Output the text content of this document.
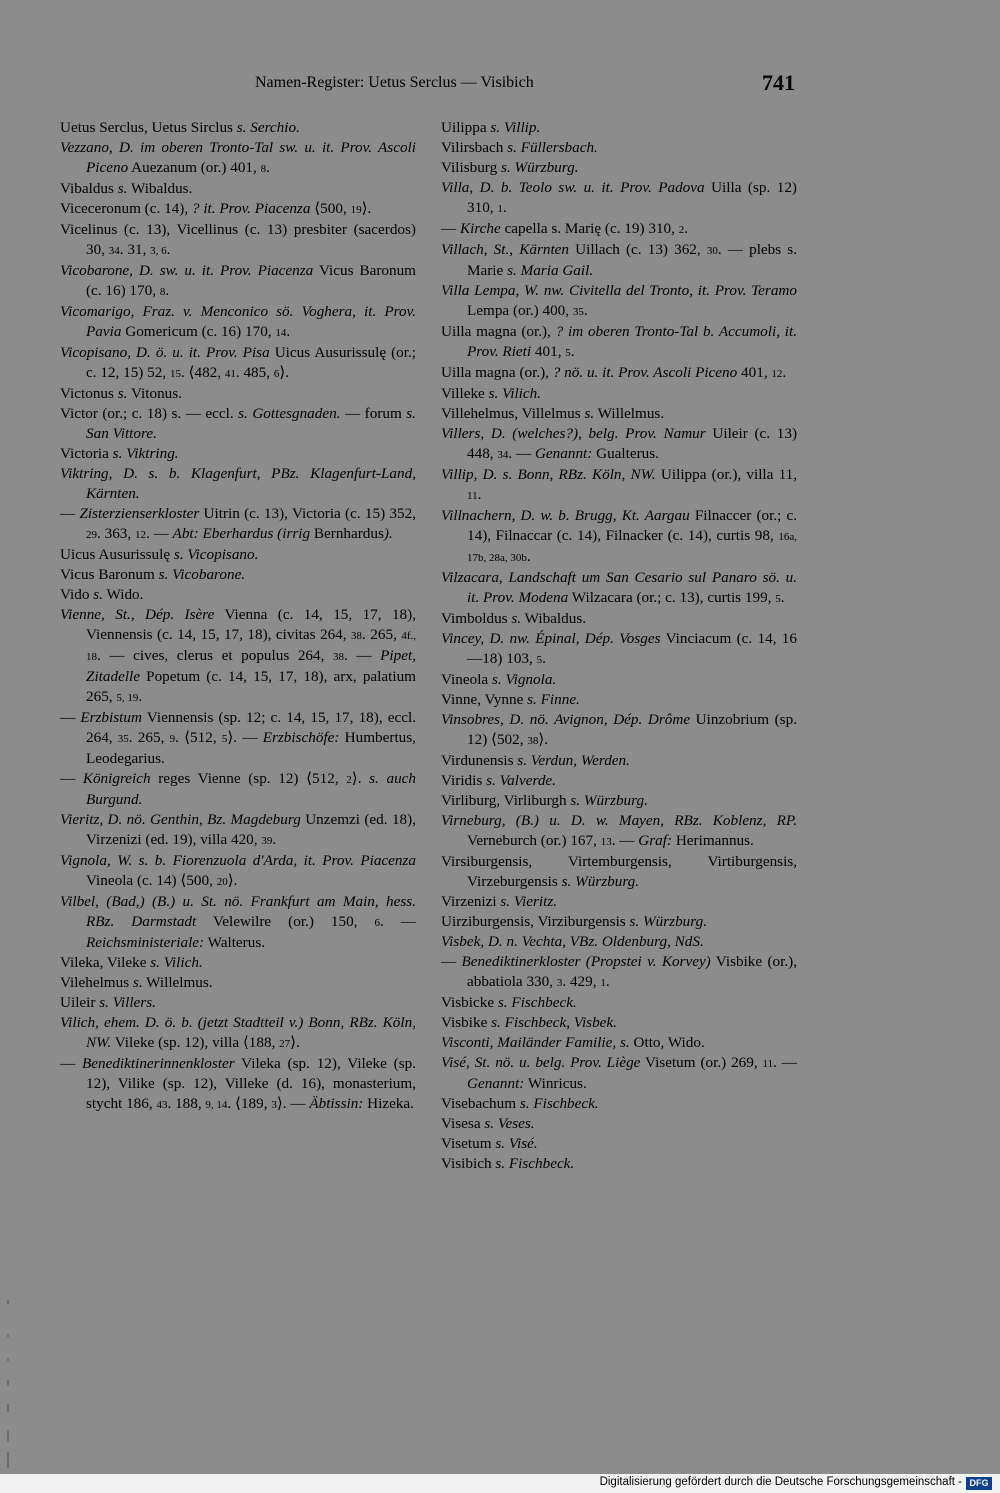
Namen-Register: Uetus Serclus — Visibich	741

Uetus Serclus, Uetus Sirclus s. Serchio.

Vezzano, D. im oberen Tronto-Tal sw. u. it. Prov. Ascoli Piceno Auezanum (or.) 401, 8.

Vibaldus s. Wibaldus.

Viceceronum (c. 14), ? it. Prov. Piacenza ⟨500, 19⟩.

Vicelinus (c. 13), Vicellinus (c. 13) presbiter (sacerdos) 30, 34. 31, 3, 6.

Vicobarone, D. sw. u. it. Prov. Piacenza Vicus Baronum (c. 16) 170, 8.

Vicomarigo, Fraz. v. Menconico sö. Voghera, it. Prov. Pavia Gomericum (c. 16) 170, 14.

Vicopisano, D. ö. u. it. Prov. Pisa Uicus Ausurissulę (or.; c. 12, 15) 52, 15. ⟨482, 41. 485, 6⟩.

Victonus s. Vitonus.

Victor (or.; c. 18) s. — eccl. s. Gottesgnaden. — forum s. San Vittore.

Victoria s. Viktring.

Viktring, D. s. b. Klagenfurt, PBz. Klagenfurt-Land, Kärnten.

— Zisterzienserkloster Uitrin (c. 13), Victoria (c. 15) 352, 29. 363, 12. — Abt: Eberhardus (irrig Bernhardus).

Uicus Ausurissulę s. Vicopisano.

Vicus Baronum s. Vicobarone.

Vido s. Wido.

Vienne, St., Dép. Isère Vienna (c. 14, 15, 17, 18), Viennensis (c. 14, 15, 17, 18), civitas 264, 38. 265, 4f., 18. — cives, clerus et populus 264, 38. — Pipet, Zitadelle Popetum (c. 14, 15, 17, 18), arx, palatium 265, 5, 19.

— Erzbistum Viennensis (sp. 12; c. 14, 15, 17, 18), eccl. 264, 35. 265, 9. ⟨512, 5⟩. — Erzbischöfe: Humbertus, Leodegarius.

— Königreich reges Vienne (sp. 12) ⟨512, 2⟩. s. auch Burgund.

Vieritz, D. nö. Genthin, Bz. Magdeburg Unzemzi (ed. 18), Virzenizi (ed. 19), villa 420, 39.

Vignola, W. s. b. Fiorenzuola d'Arda, it. Prov. Piacenza Vineola (c. 14) ⟨500, 20⟩.

Vilbel, (Bad,) (B.) u. St. nö. Frankfurt am Main, hess. RBz. Darmstadt Velewilre (or.) 150, 6. — Reichsministeriale: Walterus.

Vileka, Vileke s. Vilich.

Vilehelmus s. Willelmus.

Uileir s. Villers.

Vilich, ehem. D. ö. b. (jetzt Stadtteil v.) Bonn, RBz. Köln, NW. Vileke (sp. 12), villa ⟨188, 27⟩.

— Benediktinerinnenkloster Vileka (sp. 12), Vileke (sp. 12), Vilike (sp. 12), Villeke (d. 16), monasterium, stycht 186, 43. 188, 9, 14. ⟨189, 3⟩. — Äbtissin: Hizeka.

Uilippa s. Villip.

Vilirsbach s. Füllersbach.

Vilisburg s. Würzburg.

Villa, D. b. Teolo sw. u. it. Prov. Padova Uilla (sp. 12) 310, 1.

— Kirche capella s. Marię (c. 19) 310, 2.

Villach, St., Kärnten Uillach (c. 13) 362, 30. — plebs s. Marie s. Maria Gail.

Villa Lempa, W. nw. Civitella del Tronto, it. Prov. Teramo Lempa (or.) 400, 35.

Uilla magna (or.), ? im oberen Tronto-Tal b. Accumoli, it. Prov. Rieti 401, 5.

Uilla magna (or.), ? nö. u. it. Prov. Ascoli Piceno 401, 12.

Villeke s. Vilich.

Villehelmus, Villelmus s. Willelmus.

Villers, D. (welches?), belg. Prov. Namur Uileir (c. 13) 448, 34. — Genannt: Gualterus.

Villip, D. s. Bonn, RBz. Köln, NW. Uilippa (or.), villa 11, 11.

Villnachern, D. w. b. Brugg, Kt. Aargau Filnaccer (or.; c. 14), Filnaccar (c. 14), Filnacker (c. 14), curtis 98, 16a, 17b, 28a, 30b.

Vilzacara, Landschaft um San Cesario sul Panaro sö. u. it. Prov. Modena Wilzacara (or.; c. 13), curtis 199, 5.

Vimboldus s. Wibaldus.

Vincey, D. nw. Épinal, Dép. Vosges Vinciacum (c. 14, 16—18) 103, 5.

Vineola s. Vignola.

Vinne, Vynne s. Finne.

Vinsobres, D. nö. Avignon, Dép. Drôme Uinzobrium (sp. 12) ⟨502, 38⟩.

Virdunensis s. Verdun, Werden.

Viridis s. Valverde.

Virliburg, Virliburgh s. Würzburg.

Virneburg, (B.) u. D. w. Mayen, RBz. Koblenz, RP. Verneburch (or.) 167, 13. — Graf: Herimannus.

Virsiburgensis, Virtemburgensis, Virtiburgensis, Virzeburgensis s. Würzburg.

Virzenizi s. Vieritz.

Uirziburgensis, Virziburgensis s. Würzburg.

Visbek, D. n. Vechta, VBz. Oldenburg, NdS.

— Benediktinerkloster (Propstei v. Korvey) Visbike (or.), abbatiola 330, 3. 429, 1.

Visbicke s. Fischbeck.

Visbike s. Fischbeck, Visbek.

Visconti, Mailänder Familie, s. Otto, Wido.

Visé, St. nö. u. belg. Prov. Liège Visetum (or.) 269, 11. — Genannt: Winricus.

Visebachum s. Fischbeck.

Visesa s. Veses.

Visetum s. Visé.

Visibich s. Fischbeck.

Digitalisierung gefördert durch die Deutsche Forschungsgemeinschaft - DFG
